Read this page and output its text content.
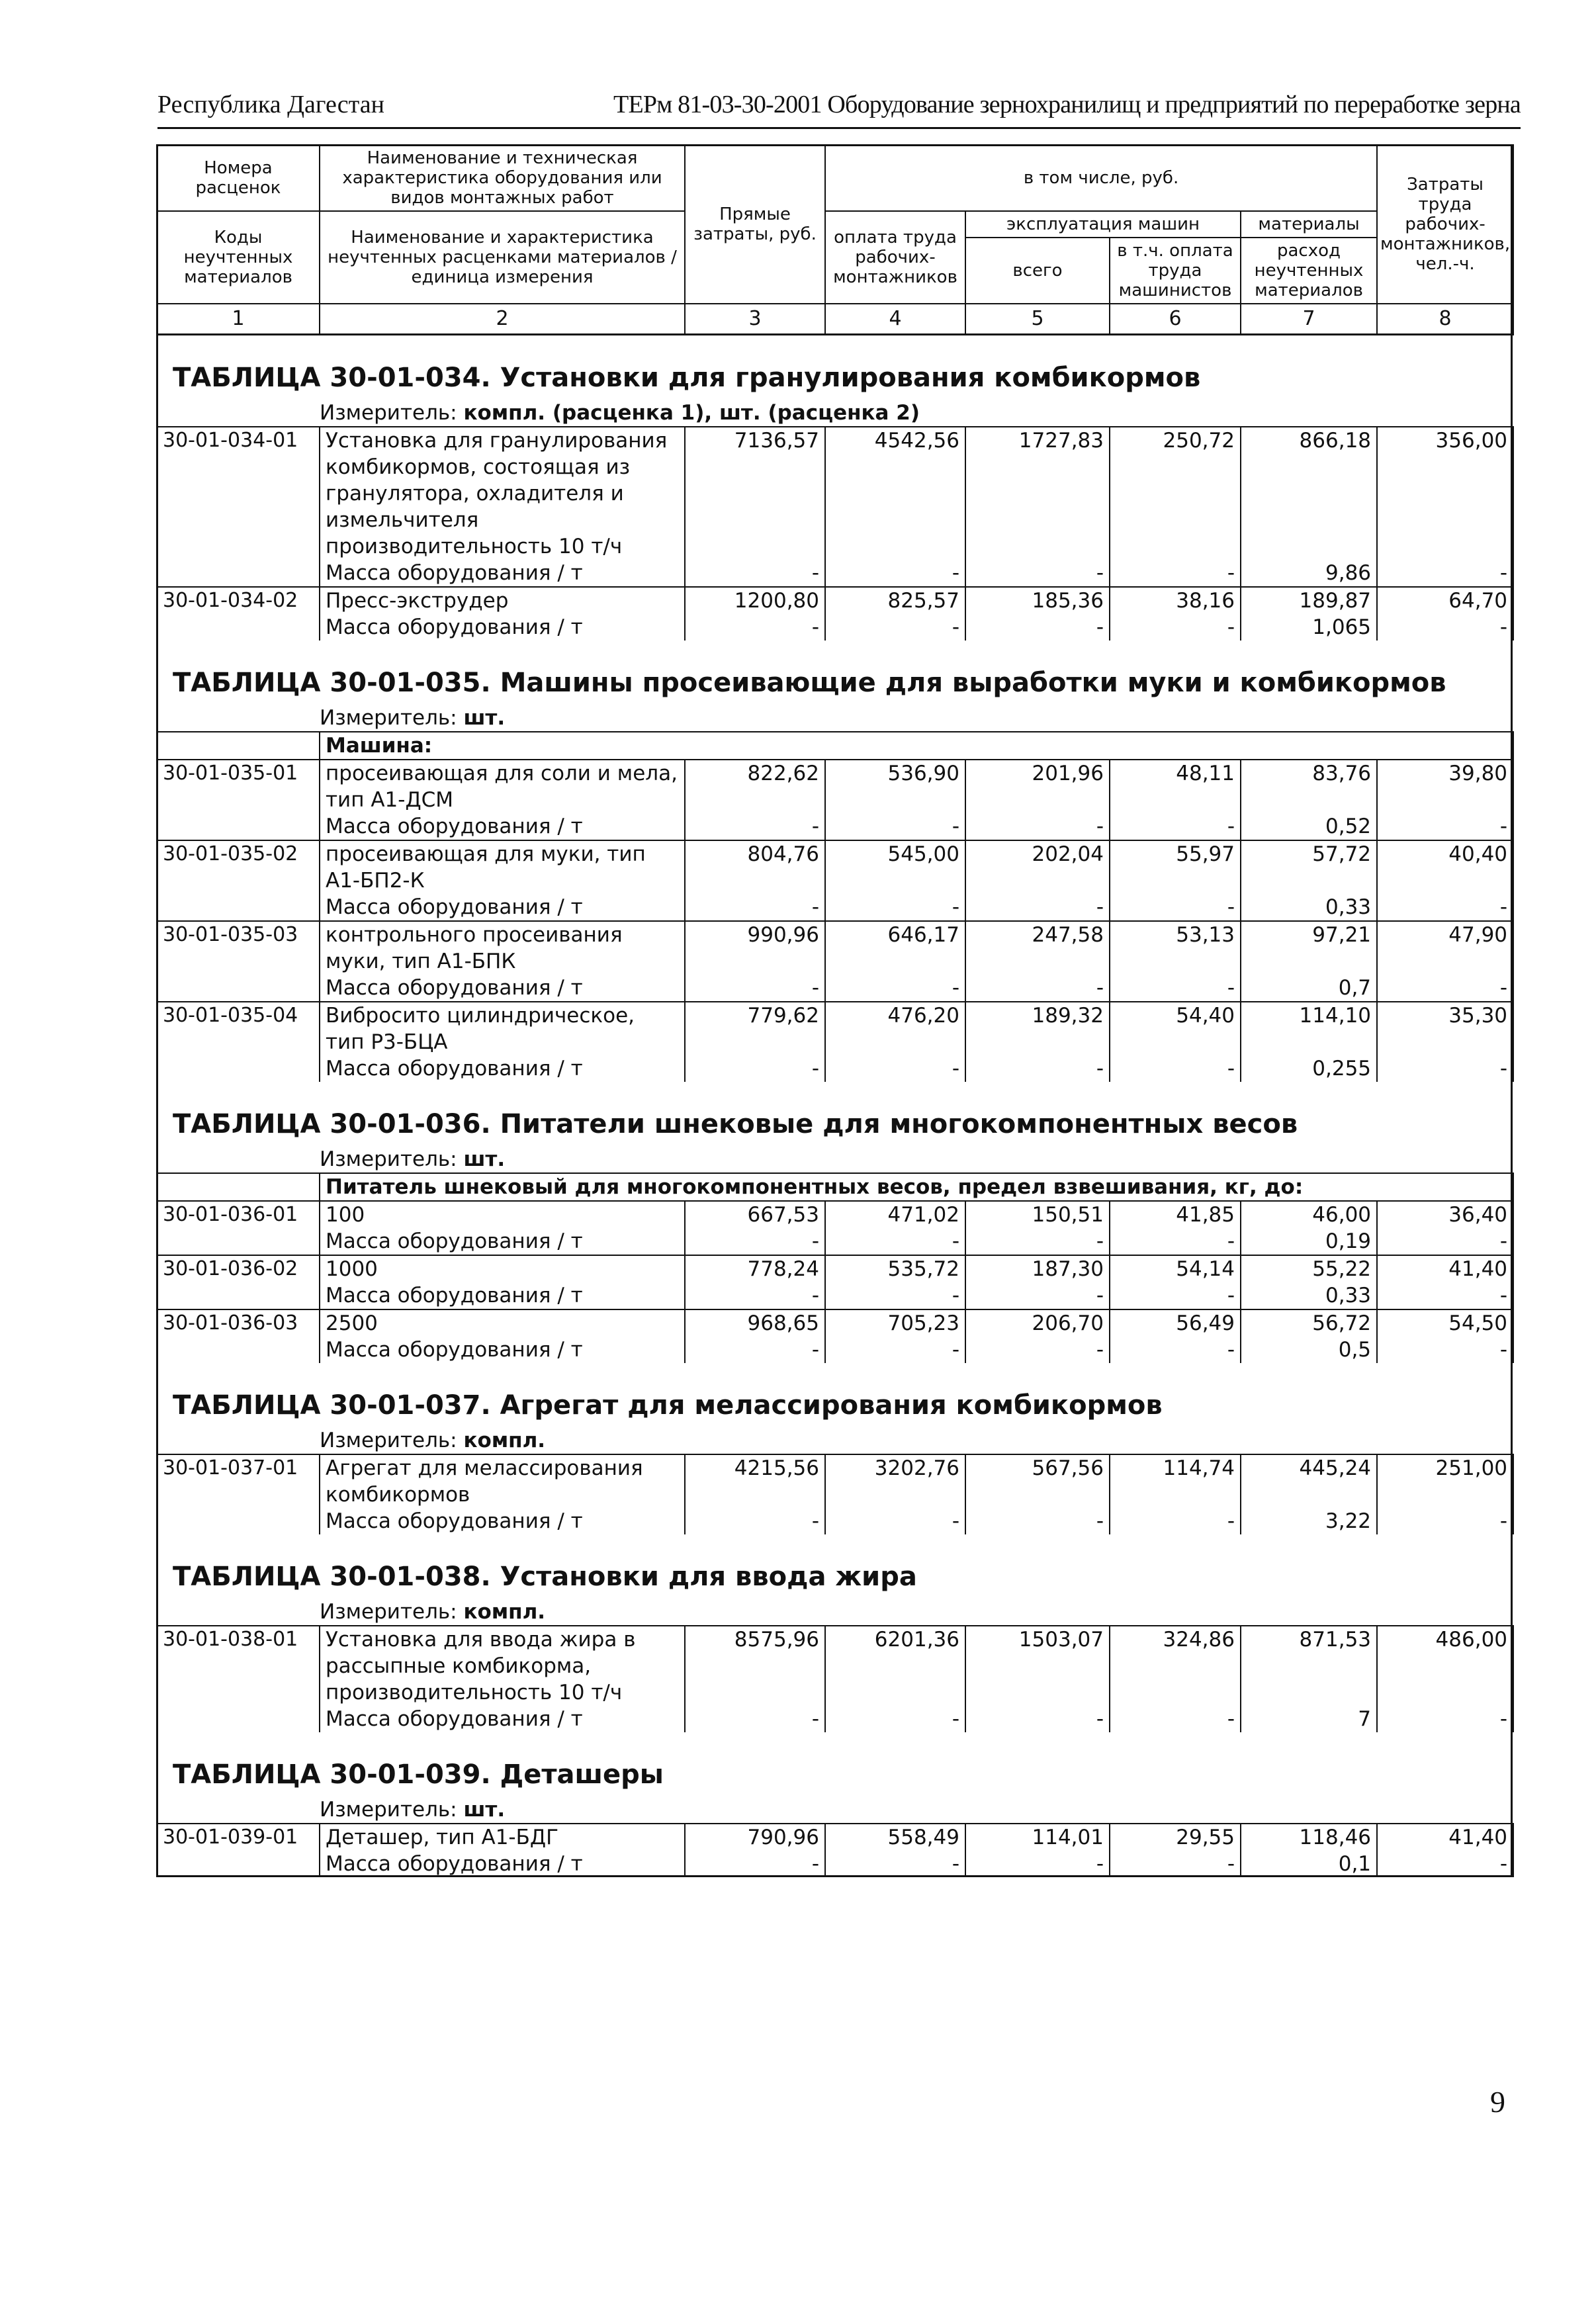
Республика Дагестан	ТЕРм 81-03-30-2001 Оборудование зернохранилищ и предприятий по переработке зерна
Номера расценок	Наименование и техническая характеристика оборудования или видов монтажных работ	Прямые затраты, руб.	в том числе, руб.				Затраты труда рабочих-монтажников, чел.-ч.
Коды неучтенных материалов	Наименование и характеристика неучтенных расценками материалов / единица измерения		оплата труда рабочих-монтажников	эксплуатация машин		материалы	
				всего	в т.ч. оплата труда машинистов	расход неучтенных материалов	
1	2	3	4	5	6	7	8
ТАБЛИЦА 30-01-034. Установки для гранулирования комбикормов							
	Измеритель: компл. (расценка 1), шт. (расценка 2)						
30-01-034-01	Установка для гранулирования комбикормов, состоящая из гранулятора, охладителя и измельчителя производительность 10 т/ч	7136,57	4542,56	1727,83	250,72	866,18	356,00
	Масса оборудования / т	-	-	-	-	9,86	-
30-01-034-02	Пресс-экструдер	1200,80	825,57	185,36	38,16	189,87	64,70
	Масса оборудования / т	-	-	-	-	1,065	-
ТАБЛИЦА 30-01-035. Машины просеивающие для выработки муки и комбикормов							
	Измеритель: шт.						
	Машина:						
30-01-035-01	просеивающая для соли и мела, тип А1-ДСМ	822,62	536,90	201,96	48,11	83,76	39,80
	Масса оборудования / т	-	-	-	-	0,52	-
30-01-035-02	просеивающая для муки, тип А1-БП2-К	804,76	545,00	202,04	55,97	57,72	40,40
	Масса оборудования / т	-	-	-	-	0,33	-
30-01-035-03	контрольного просеивания муки, тип А1-БПК	990,96	646,17	247,58	53,13	97,21	47,90
	Масса оборудования / т	-	-	-	-	0,7	-
30-01-035-04	Вибросито цилиндрическое, тип Р3-БЦА	779,62	476,20	189,32	54,40	114,10	35,30
	Масса оборудования / т	-	-	-	-	0,255	-
ТАБЛИЦА 30-01-036. Питатели шнековые для многокомпонентных весов							
	Измеритель: шт.						
	Питатель шнековый для многокомпонентных весов, предел взвешивания, кг, до:						
30-01-036-01	100	667,53	471,02	150,51	41,85	46,00	36,40
	Масса оборудования / т	-	-	-	-	0,19	-
30-01-036-02	1000	778,24	535,72	187,30	54,14	55,22	41,40
	Масса оборудования / т	-	-	-	-	0,33	-
30-01-036-03	2500	968,65	705,23	206,70	56,49	56,72	54,50
	Масса оборудования / т	-	-	-	-	0,5	-
ТАБЛИЦА 30-01-037. Агрегат для мелассирования комбикормов							
	Измеритель: компл.						
30-01-037-01	Агрегат для мелассирования комбикормов	4215,56	3202,76	567,56	114,74	445,24	251,00
	Масса оборудования / т	-	-	-	-	3,22	-
ТАБЛИЦА 30-01-038. Установки для ввода жира							
	Измеритель: компл.						
30-01-038-01	Установка для ввода жира в рассыпные комбикорма, производительность 10 т/ч	8575,96	6201,36	1503,07	324,86	871,53	486,00
	Масса оборудования / т	-	-	-	-	7	-
ТАБЛИЦА 30-01-039. Деташеры							
	Измеритель: шт.						
30-01-039-01	Деташер, тип А1-БДГ	790,96	558,49	114,01	29,55	118,46	41,40
	Масса оборудования / т	-	-	-	-	0,1	-
9
